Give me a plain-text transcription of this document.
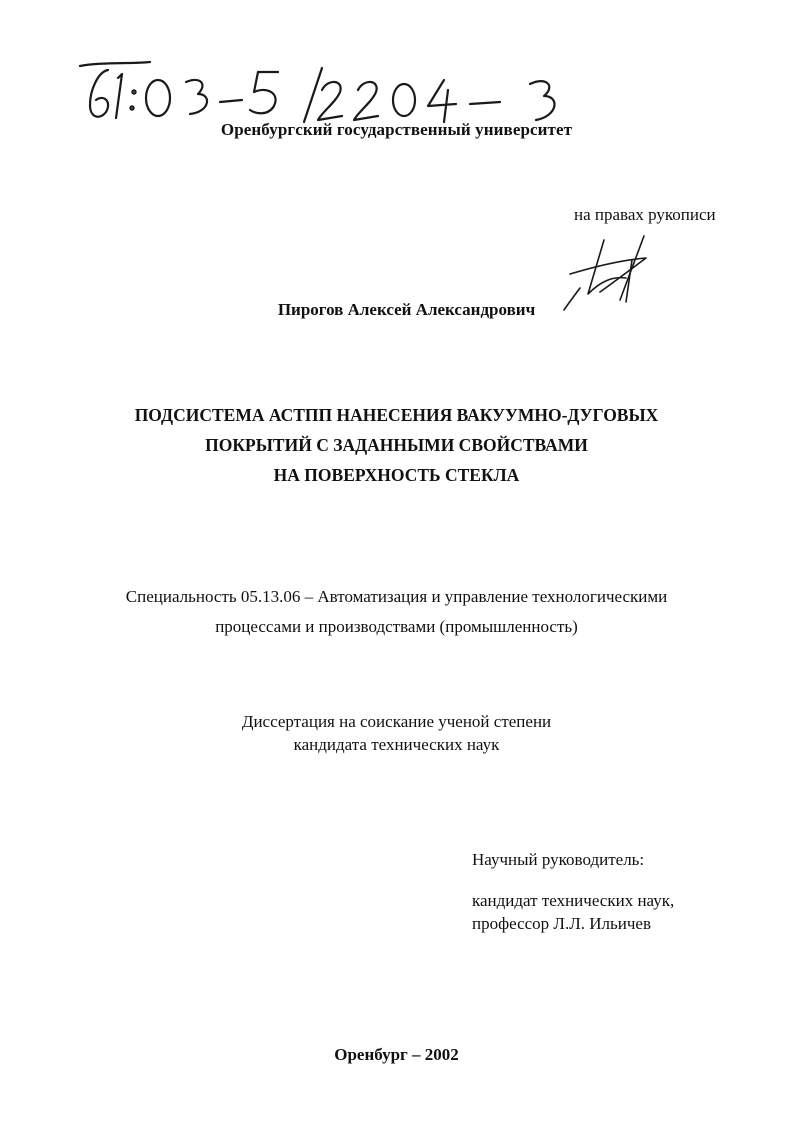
Оренбургский государственный университет
на правах рукописи
Пирогов Алексей Александрович
ПОДСИСТЕМА АСТПП НАНЕСЕНИЯ ВАКУУМНО-ДУГОВЫХ
ПОКРЫТИЙ С ЗАДАННЫМИ СВОЙСТВАМИ
НА ПОВЕРХНОСТЬ СТЕКЛА
Специальность 05.13.06 – Автоматизация и управление технологическими
процессами и производствами (промышленность)
Диссертация на соискание ученой степени
кандидата технических наук
Научный руководитель:
кандидат технических наук,
профессор Л.Л. Ильичев
Оренбург – 2002
